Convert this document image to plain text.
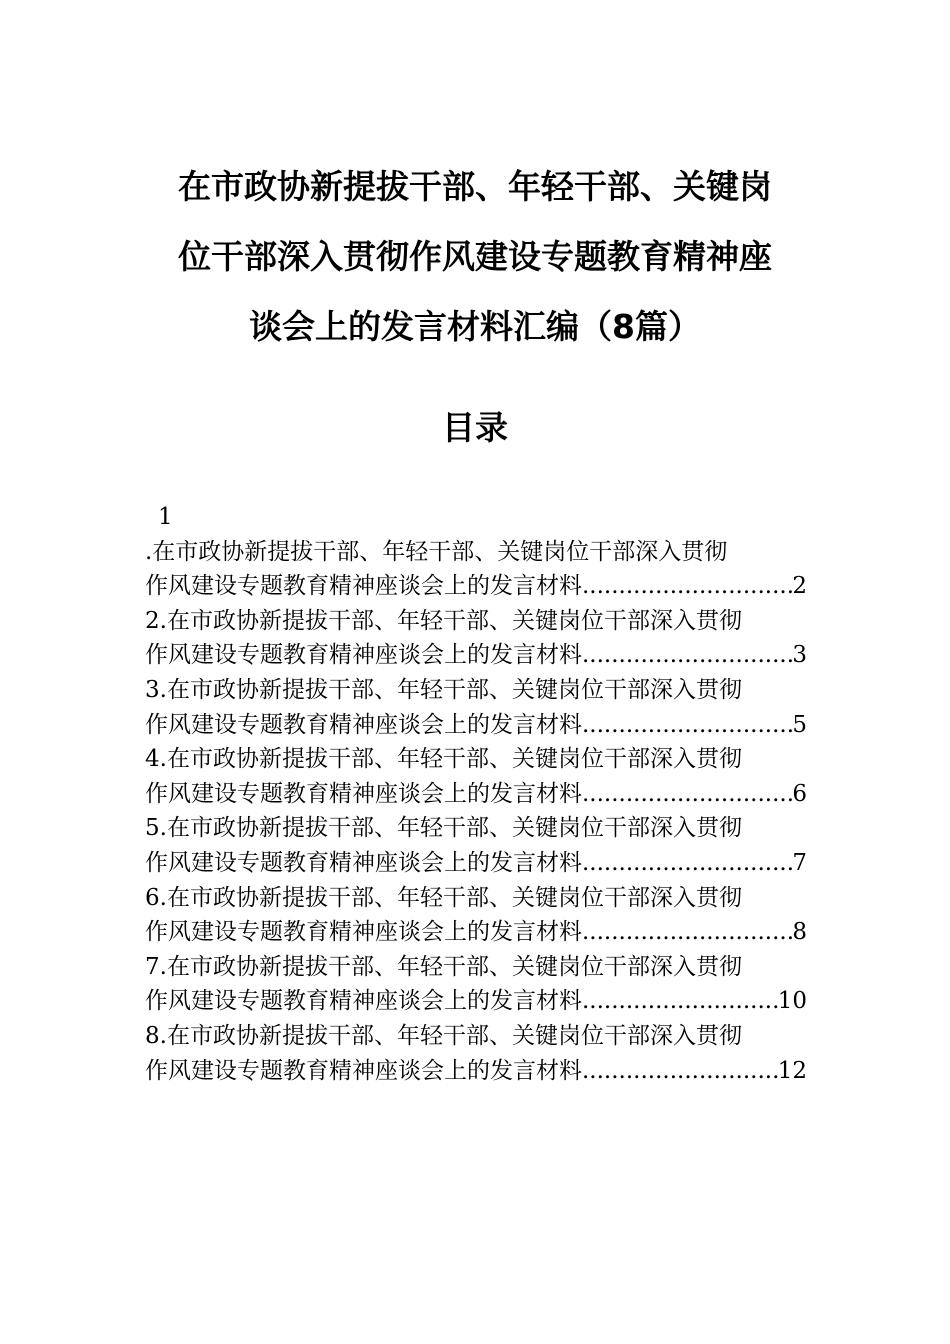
在市政协新提拔干部、年轻干部、关键岗
位干部深入贯彻作风建设专题教育精神座
谈会上的发言材料汇编（8篇）
目录
1
.在市政协新提拔干部、年轻干部、关键岗位干部深入贯彻
作风建设专题教育精神座谈会上的发言材料 .....	2
2.在市政协新提拔干部、年轻干部、关键岗位干部深入贯彻
作风建设专题教育精神座谈会上的发言材料 .....	3
3.在市政协新提拔干部、年轻干部、关键岗位干部深入贯彻
作风建设专题教育精神座谈会上的发言材料 .....	5
4.在市政协新提拔干部、年轻干部、关键岗位干部深入贯彻
作风建设专题教育精神座谈会上的发言材料 .....	6
5.在市政协新提拔干部、年轻干部、关键岗位干部深入贯彻
作风建设专题教育精神座谈会上的发言材料 .....	7
6.在市政协新提拔干部、年轻干部、关键岗位干部深入贯彻
作风建设专题教育精神座谈会上的发言材料 .....	8
7.在市政协新提拔干部、年轻干部、关键岗位干部深入贯彻
作风建设专题教育精神座谈会上的发言材料 .....	10
8.在市政协新提拔干部、年轻干部、关键岗位干部深入贯彻
作风建设专题教育精神座谈会上的发言材料 .....	12
